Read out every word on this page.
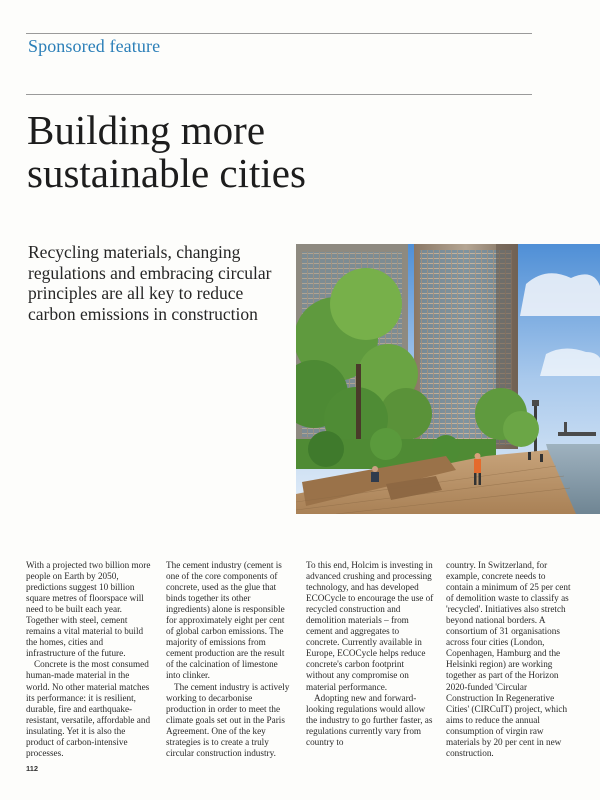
Sponsored feature
Building more sustainable cities
Recycling materials, changing regulations and embracing circular principles are all key to reduce carbon emissions in construction

With a projected two billion more people on Earth by 2050, predictions suggest 10 billion square metres of floorspace will need to be built each year. Together with steel, cement remains a vital material to build the homes, cities and infrastructure of the future.

Concrete is the most consumed human-made material in the world. No other material matches its performance: it is resilient, durable, fire and earthquake-resistant, versatile, affordable and insulating. Yet it is also the product of carbon-intensive processes.

The cement industry (cement is one of the core components of concrete, used as the glue that binds together its other ingredients) alone is responsible for approximately eight per cent of global carbon emissions. The majority of emissions from cement production are the result of the calcination of limestone into clinker.

The cement industry is actively working to decarbonise production in order to meet the climate goals set out in the Paris Agreement. One of the key strategies is to create a truly circular construction industry.

To this end, Holcim is investing in advanced crushing and processing technology, and has developed ECOCycle to encourage the use of recycled construction and demolition materials – from cement and aggregates to concrete. Currently available in Europe, ECOCycle helps reduce concrete's carbon footprint without any compromise on material performance.

Adopting new and forward-looking regulations would allow the industry to go further faster, as regulations currently vary from country to

country. In Switzerland, for example, concrete needs to contain a minimum of 25 per cent of demolition waste to classify as 'recycled'. Initiatives also stretch beyond national borders. A consortium of 31 organisations across four cities (London, Copenhagen, Hamburg and the Helsinki region) are working together as part of the Horizon 2020-funded 'Circular Construction In Regenerative Cities' (CIRCuIT) project, which aims to reduce the annual consumption of virgin raw materials by 20 per cent in new construction.

112
